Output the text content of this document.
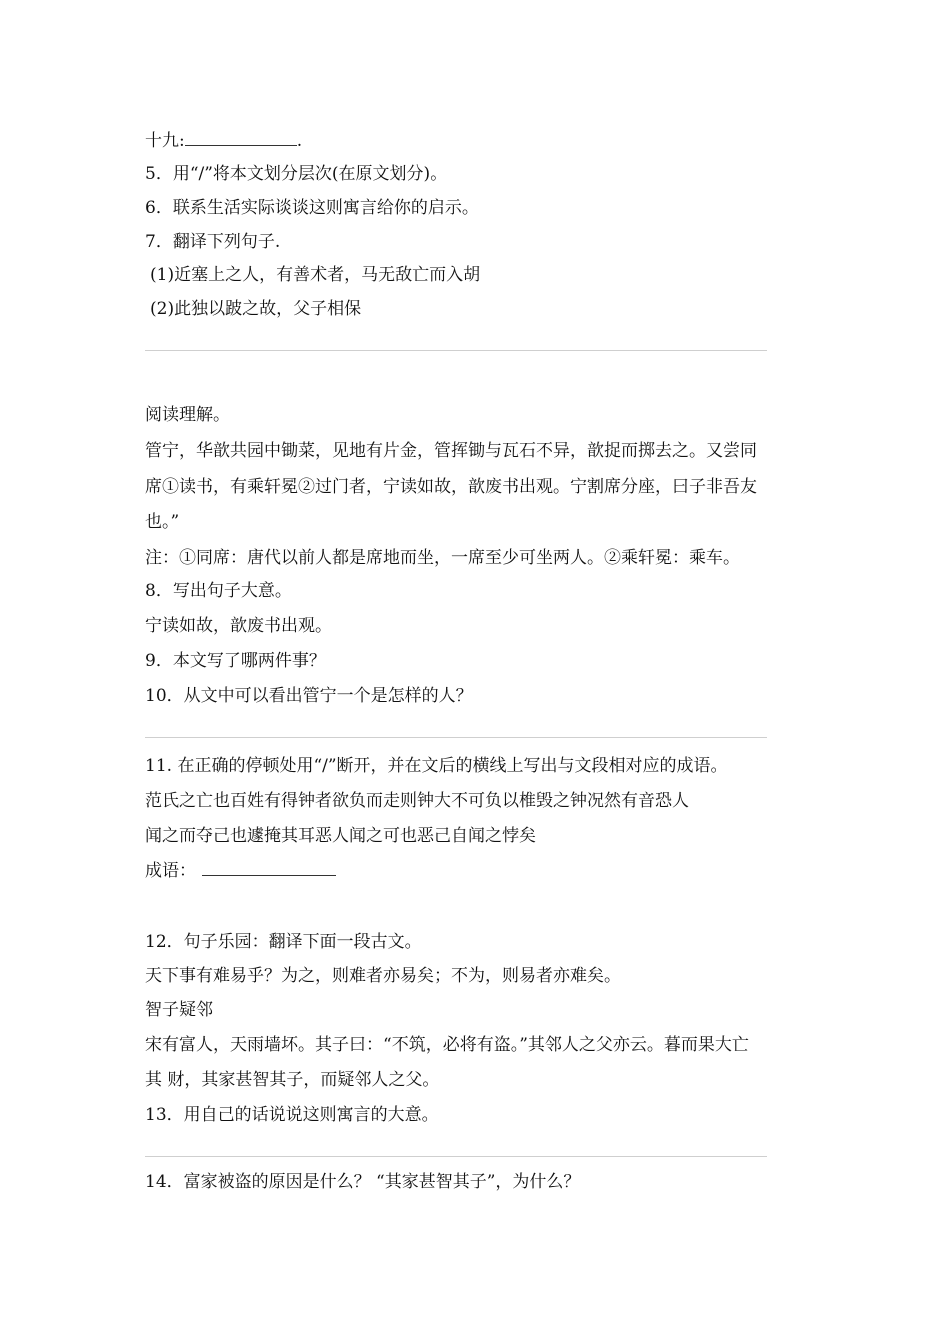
十九:	.
5．用“/”将本文划分层次(在原文划分)。
6．联系生活实际谈谈这则寓言给你的启示。
7．翻译下列句子.
(1)近塞上之人，有善术者，马无敌亡而入胡
(2)此独以跛之故，父子相保
阅读理解。
管宁，华歆共园中锄菜，见地有片金，管挥锄与瓦石不异，歆捉而掷去之。又尝同
席①读书，有乘轩冕②过门者，宁读如故，歆废书出观。宁割席分座，曰子非吾友
也。”
注：①同席：唐代以前人都是席地而坐，一席至少可坐两人。②乘轩冕：乘车。
8．写出句子大意。
宁读如故，歆废书出观。
9．本文写了哪两件事？
10．从文中可以看出管宁一个是怎样的人？
11. 在正确的停顿处用“/”断开，并在文后的横线上写出与文段相对应的成语。
范氏之亡也百姓有得钟者欲负而走则钟大不可负以椎毁之钟况然有音恐人
闻之而夺己也遽掩其耳恶人闻之可也恶己自闻之悖矣
成语：
12．句子乐园：翻译下面一段古文。
天下事有难易乎？为之，则难者亦易矣；不为，则易者亦难矣。
智子疑邻
宋有富人，天雨墙坏。其子曰：“不筑，必将有盗。”其邻人之父亦云。暮而果大亡
其 财，其家甚智其子，而疑邻人之父。
13．用自己的话说说这则寓言的大意。
14．富家被盗的原因是什么？ “其家甚智其子”，为什么？
